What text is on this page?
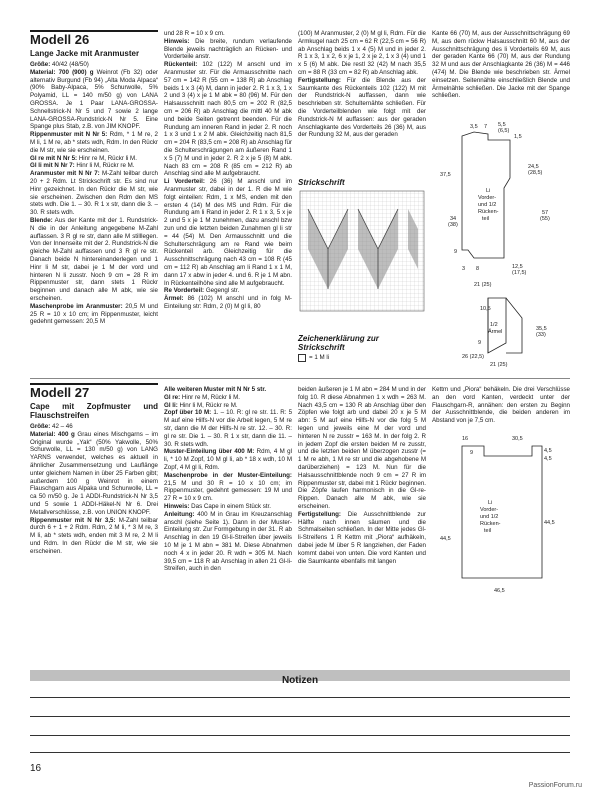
Modell 26
Lange Jacke mit Aranmuster

Größe: 40/42 (48/50)

Material: 700 (900) g Weinrot (Fb 32) oder alternativ Burgund (Fb 94) „Alta Moda Alpaca“ (90% Baby-Alpaca, 5% Schurwolle, 5% Polyamid, LL = 140 m/50 g) von LANA GROSSA. Je 1 Paar LANA-GROSSA-Schnellstrick-N Nr 5 und 7 sowie 2 lange LANA-GROSSA-Rundstrick-N Nr 5. Eine Spange plus Stab, z.B. von JIM KNOPF.

Rippenmuster mit N Nr 5: Rdm, * 1 M re, 2 M li, 1 M re, ab * stets wdh, Rdm. In den Rückr die M str, wie sie erscheinen.

Gl re mit N Nr 5: Hinr re M, Rückr li M.

Gl li mit N Nr 7: Hinr li M, Rückr re M.

Aranmuster mit N Nr 7: M-Zahl teilbar durch 20 + 2 Rdm. Lt Strickschrift str. Es sind nur Hinr gezeichnet. In den Rückr die M str, wie sie erscheinen. Zwischen den Rdm den MS stets wdh. Die 1. – 30. R 1 x str, dann die 3. – 30. R stets wdh.

Blende: Aus der Kante mit der 1. Rundstrick-N die in der Anleitung angegebene M-Zahl auffassen. 3 R gl re str, dann alle M stilllegen. Von der Innenseite mit der 2. Rundstrick-N die gleiche M-Zahl auffassen und 3 R gl re str. Danach beide N hintereinanderlegen und 1 Hinr li M str, dabei je 1 M der vord und hinteren N li zusstr. Noch 9 cm = 28 R im Rippenmuster str, dann stets 1 Rückr beginnen und danach alle M abk, wie sie erscheinen.

Maschenprobe im Aranmuster: 20,5 M und 25 R = 10 x 10 cm; im Rippenmuster, leicht gedehnt gemessen: 20,5 M

und 28 R = 10 x 9 cm.

Hinweis: Die breite, rundum verlaufende Blende jeweils nachträglich an Rücken- und Vorderteile anstr.

Rückenteil: 102 (122) M anschl und im Aranmuster str. Für die Armausschnitte nach 57 cm = 142 R (55 cm = 138 R) ab Anschlag beids 1 x 3 (4) M, dann in jeder 2. R 1 x 3, 1 x 2 und 3 (4) x je 1 M abk = 80 (96) M. Für den Halsausschnitt nach 80,5 cm = 202 R (82,5 cm = 206 R) ab Anschlag die mittl 40 M abk und beide Seiten getrennt beenden. Für die Rundung am inneren Rand in jeder 2. R noch 1 x 3 und 1 x 2 M abk. Gleichzeitig nach 81,5 cm = 204 R (83,5 cm = 208 R) ab Anschlag für die Schulterschrägungen am äußeren Rand 1 x 5 (7) M und in jeder 2. R 2 x je 5 (8) M abk. Nach 83 cm = 208 R (85 cm = 212 R) ab Anschlag sind alle M aufgebraucht.

Li Vorderteil: 26 (36) M anschl und im Aranmuster str, dabei in der 1. R die M wie folgt einteilen: Rdm, 1 x MS, enden mit den ersten 4 (14) M des MS und Rdm. Für die Rundung am li Rand in jeder 2. R 1 x 3, 5 x je 2 und 5 x je 1 M zunehmen, dazu anschl bzw zun und die letzten beiden Zunahmen gl li str = 44 (54) M. Den Armausschnitt und die Schulterschrägung am re Rand wie beim Rückenteil arb. Gleichzeitig für die Ausschnittschrägung nach 43 cm = 108 R (45 cm = 112 R) ab Anschlag am li Rand 1 x 1 M, dann 17 x abw in jeder 4. und 6. R je 1 M abn. In Rückenteilhöhe sind alle M aufgebraucht.

Re Vorderteil: Gegengl str.

Ärmel: 86 (102) M anschl und in folg M-Einteilung str: Rdm, 2 (0) M gl li, 80

(100) M Aranmuster, 2 (0) M gl li, Rdm. Für die Armkugel nach 25 cm = 62 R (22,5 cm = 56 R) ab Anschlag beids 1 x 4 (5) M und in jeder 2. R 1 x 3, 1 x 2, 6 x je 1, 2 x je 2, 1 x 3 (4) und 1 x 5 (6) M abk. Die restl 32 (42) M nach 35,5 cm = 88 R (33 cm = 82 R) ab Anschlag abk.

Fertigstellung: Für die Blende aus der Saumkante des Rückenteils 102 (122) M mit der Rundstrick-N auffassen, dann wie beschrieben str. Schulternähte schließen. Für die Vorderteilblenden wie folgt mit der Rundstrick-N M auffassen: aus der geraden Anschlagkante des Vorderteils 26 (36) M, aus der Rundung 32 M, aus der geraden

Kante 66 (70) M, aus der Ausschnittschrägung 69 M, aus dem rückw Halsausschnitt 60 M, aus der Ausschnittschrägung des li Vorderteils 69 M, aus der geraden Kante 66 (70) M, aus der Rundung 32 M und aus der Anschlagkante 26 (36) M = 446 (474) M. Die Blende wie beschrieben str. Ärmel einsetzen. Seitennähte einschließlich Blende und Ärmelnähte schließen. Die Jacke mit der Spange schließen.

Strickschrift
Zeichenerklärung zur Strickschrift
= 1 M li
3,5 7 5,5
(6,5)
1,5
24,5
(28,5)
37,5
Li
Vorder-
und 1/2
Rücken-
teil
57
(55)
34
(38)
9
3 8	12,5
(17,5)
21 (25)
10,5
1/2
Ärmel	35,5
(33)
9
26 (22,5)
21 (25)
Modell 27
Cape mit Zopfmuster und Flauschstreifen

Größe: 42 – 46

Material: 400 g Grau eines Mischgarns – im Original wurde „Yak“ (50% Yakwolle, 50% Schurwolle, LL = 130 m/50 g) von LANG YARNS verwendet, welches es aktuell in ähnlicher Zusammensetzung und Lauflänge unter gleichem Namen in über 25 Farben gibt; außerdem 100 g Weinrot in einem Flauschgarn aus Alpaka und Schurwolle, LL = ca 50 m/50 g. Je 1 ADDI-Rundstrick-N Nr 3,5 und 5 sowie 1 ADDI-Häkel-N Nr 6. Drei Metallverschlüsse, z.B. von UNION KNOPF.

Rippenmuster mit N Nr 3,5: M-Zahl teilbar durch 6 + 1 + 2 Rdm. Rdm, 2 M li, * 3 M re, 3 M li, ab * stets wdh, enden mit 3 M re, 2 M li und Rdm. In den Rückr die M str, wie sie erscheinen.

Alle weiteren Muster mit N Nr 5 str.

Gl re: Hinr re M, Rückr li M.

Gl li: Hinr li M, Rückr re M.

Zopf über 10 M: 1. – 10. R: gl re str. 11. R: 5 M auf eine Hilfs-N vor die Arbeit legen, 5 M re str, dann die M der Hilfs-N re str. 12. – 30. R: gl re str. Die 1. – 30. R 1 x str, dann die 11. – 30. R stets wdh.

Muster-Einteilung über 400 M: Rdm, 4 M gl li, * 10 M Zopf, 10 M gl li, ab * 18 x wdh, 10 M Zopf, 4 M gl li, Rdm.

Maschenprobe in der Muster-Einteilung: 21,5 M und 30 R = 10 x 10 cm; im Rippenmuster, gedehnt gemessen: 19 M und 27 R = 10 x 9 cm.

Hinweis: Das Cape in einem Stück str.

Anleitung: 400 M in Grau im Kreuzanschlag anschl (siehe Seite 1). Dann in der Muster-Einteilung str. Zur Formgebung in der 31. R ab Anschlag in den 19 Gl-li-Streifen über jeweils 10 M je 1 M abn = 381 M. Diese Abnahmen noch 4 x in jeder 20. R wdh = 305 M. Nach 39,5 cm = 118 R ab Anschlag in allen 21 Gl-li-Streifen, auch in den

beiden äußeren je 1 M abn = 284 M und in der folg 10. R diese Abnahmen 1 x wdh = 263 M. Nach 43,5 cm = 130 R ab Anschlag über den Zöpfen wie folgt arb und dabei 20 x je 5 M abn: 5 M auf eine Hilfs-N vor die folg 5 M legen und jeweils eine M der vord und hinteren N re zusstr = 163 M. In der folg 2. R in jedem Zopf die ersten beiden M re zusstr, und die letzten beiden M überzogen zusstr (= 1 M re abh, 1 M re str und die abgehobene M darüberziehen) = 123 M. Nun für die Halsausschnittblende noch 9 cm = 27 R im Rippenmuster str, dabei mit 1 Rückr beginnen. Die Zöpfe laufen harmonisch in die Gl-re-Rippen. Danach alle M abk, wie sie erscheinen.

Fertigstellung: Die Ausschnittblende zur Hälfte nach innen säumen und die Schmalseiten schließen. In der Mitte jedes Gl-li-Streifens 1 R Kettm mit „Piora“ aufhäkeln, dabei jede M über 5 R langziehen, der Faden kommt dabei von unten. Die vord Kanten und die Saumkante ebenfalls mit langen

Kettm und „Piora“ behäkeln. Die drei Verschlüsse an den vord Kanten, verdeckt unter der Flauschgarn-R, annähen: den ersten zu Beginn der Ausschnittblende, die beiden anderen im Abstand von je 7,5 cm.

16	30,5
9	4,5
4,5
Li
Vorder-
und 1/2
Rücken-
teil
44,5
44,5
46,5
Notizen
16
PassionForum.ru
